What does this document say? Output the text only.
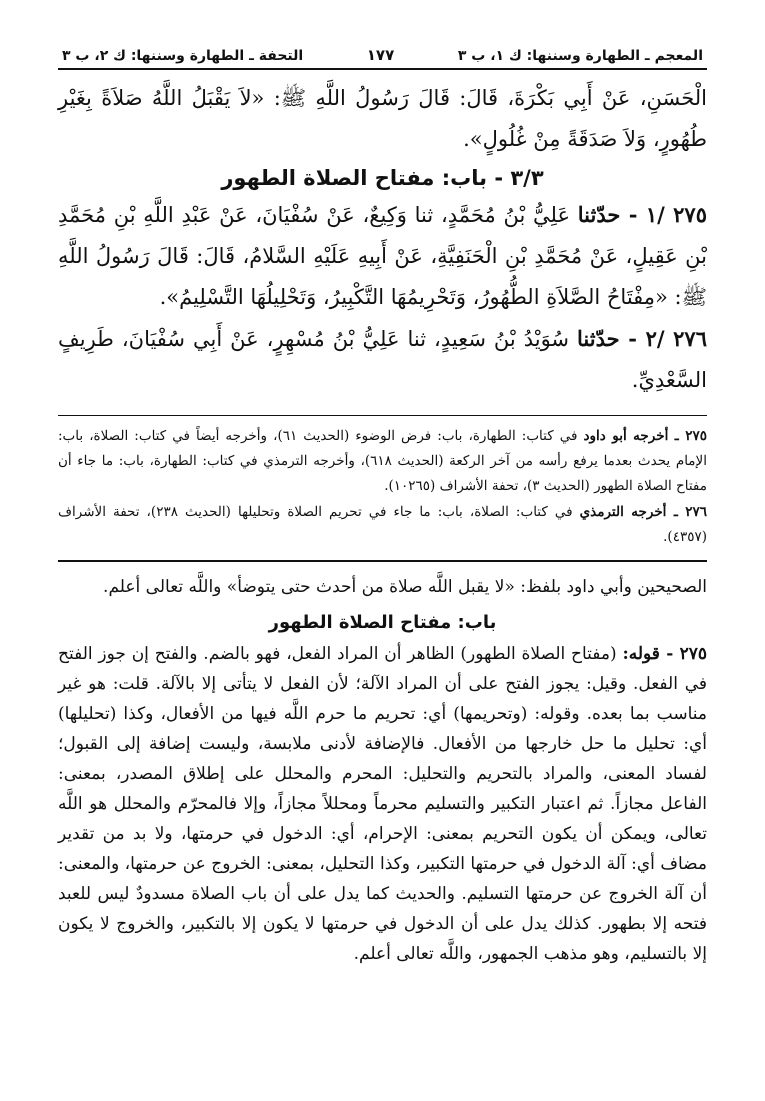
المعجم ـ الطهارة وسننها: ك ١، ب ٣
١٧٧
التحفة ـ الطهارة وسننها: ك ٢، ب ٣

الْحَسَنِ، عَنْ أَبِي بَكْرَةَ، قَالَ: قَالَ رَسُولُ اللَّهِ ﷺ: «لاَ يَقْبَلُ اللَّهُ صَلاَةً بِغَيْرِ طُهُورٍ، وَلاَ صَدَقَةً مِنْ غُلُولٍ».

٣/٣ - باب: مفتاح الصلاة الطهور

٢٧٥ /١ - حدّثنا عَلِيُّ بْنُ مُحَمَّدٍ، ثنا وَكِيعٌ، عَنْ سُفْيَانَ، عَنْ عَبْدِ اللَّهِ بْنِ مُحَمَّدِ بْنِ عَقِيلٍ، عَنْ مُحَمَّدِ بْنِ الْحَنَفِيَّةِ، عَنْ أَبِيهِ عَلَيْهِ السَّلامُ، قَالَ: قَالَ رَسُولُ اللَّهِ ﷺ: «مِفْتَاحُ الصَّلاَةِ الطُّهُورُ، وَتَحْرِيمُهَا التَّكْبِيرُ، وَتَحْلِيلُهَا التَّسْلِيمُ».

٢٧٦ /٢ - حدّثنا سُوَيْدُ بْنُ سَعِيدٍ، ثنا عَلِيُّ بْنُ مُسْهِرٍ، عَنْ أَبِي سُفْيَانَ، طَرِيفٍ السَّعْدِيِّ.

٢٧٥ ـ أخرجه أبو داود في كتاب: الطهارة، باب: فرض الوضوء (الحديث ٦١)، وأخرجه أيضاً في كتاب: الصلاة، باب: الإمام يحدث بعدما يرفع رأسه من آخر الركعة (الحديث ٦١٨)، وأخرجه الترمذي في كتاب: الطهارة، باب: ما جاء أن مفتاح الصلاة الطهور (الحديث ٣)، تحفة الأشراف (١٠٢٦٥).

٢٧٦ ـ أخرجه الترمذي في كتاب: الصلاة، باب: ما جاء في تحريم الصلاة وتحليلها (الحديث ٢٣٨)، تحفة الأشراف (٤٣٥٧).

الصحيحين وأبي داود بلفظ: «لا يقبل اللَّه صلاة من أحدث حتى يتوضأ» واللَّه تعالى أعلم.

باب: مفتاح الصلاة الطهور

٢٧٥ - قوله: (مفتاح الصلاة الطهور) الظاهر أن المراد الفعل، فهو بالضم. والفتح إن جوز الفتح في الفعل. وقيل: يجوز الفتح على أن المراد الآلة؛ لأن الفعل لا يتأتى إلا بالآلة. قلت: هو غير مناسب بما بعده. وقوله: (وتحريمها) أي: تحريم ما حرم اللَّه فيها من الأفعال، وكذا (تحليلها) أي: تحليل ما حل خارجها من الأفعال. فالإضافة لأدنى ملابسة، وليست إضافة إلى القبول؛ لفساد المعنى، والمراد بالتحريم والتحليل: المحرم والمحلل على إطلاق المصدر، بمعنى: الفاعل مجازاً. ثم اعتبار التكبير والتسليم محرماً ومحللاً مجازاً، وإلا فالمحرّم والمحلل هو اللَّه تعالى، ويمكن أن يكون التحريم بمعنى: الإحرام، أي: الدخول في حرمتها، ولا بد من تقدير مضاف أي: آلة الدخول في حرمتها التكبير، وكذا التحليل، بمعنى: الخروج عن حرمتها، والمعنى: أن آلة الخروج عن حرمتها التسليم. والحديث كما يدل على أن باب الصلاة مسدودٌ ليس للعبد فتحه إلا بطهور. كذلك يدل على أن الدخول في حرمتها لا يكون إلا بالتكبير، والخروج لا يكون إلا بالتسليم، وهو مذهب الجمهور، واللَّه تعالى أعلم.
